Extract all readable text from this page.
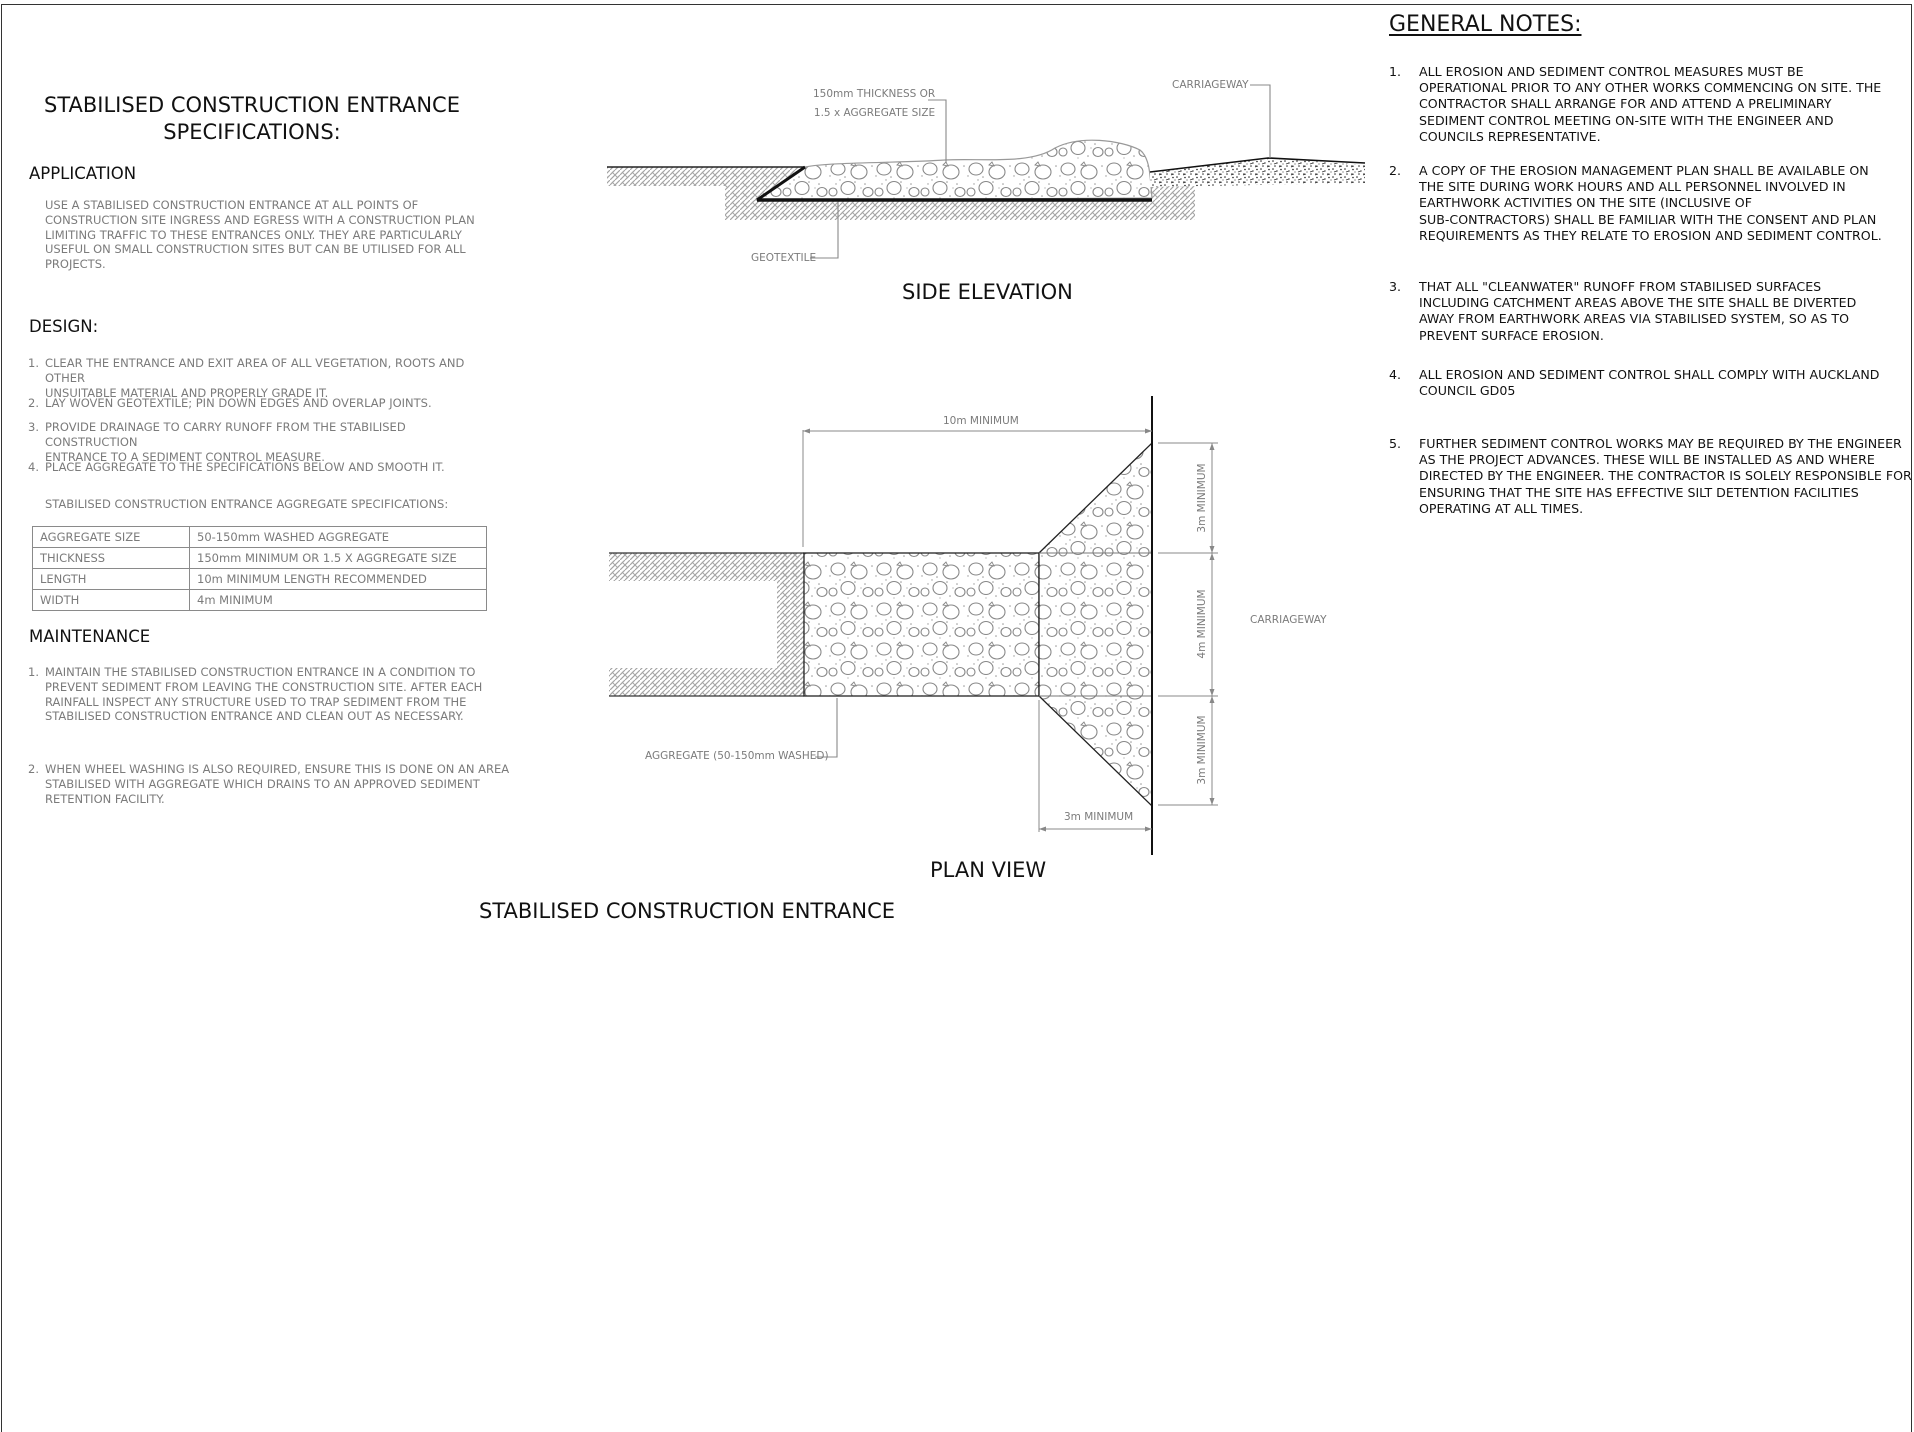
STABILISED CONSTRUCTION ENTRANCE
SPECIFICATIONS:
APPLICATION
USE A STABILISED CONSTRUCTION ENTRANCE AT ALL POINTS OF
CONSTRUCTION SITE INGRESS AND EGRESS WITH A CONSTRUCTION PLAN
LIMITING TRAFFIC TO THESE ENTRANCES ONLY. THEY ARE PARTICULARLY
USEFUL ON SMALL CONSTRUCTION SITES BUT CAN BE UTILISED FOR ALL
PROJECTS.
DESIGN:
1. CLEAR THE ENTRANCE AND EXIT AREA OF ALL VEGETATION, ROOTS AND OTHER
UNSUITABLE MATERIAL AND PROPERLY GRADE IT.
2. LAY WOVEN GEOTEXTILE; PIN DOWN EDGES AND OVERLAP JOINTS.
3. PROVIDE DRAINAGE TO CARRY RUNOFF FROM THE STABILISED CONSTRUCTION
ENTRANCE TO A SEDIMENT CONTROL MEASURE.
4. PLACE AGGREGATE TO THE SPECIFICATIONS BELOW AND SMOOTH IT.
STABILISED CONSTRUCTION ENTRANCE AGGREGATE SPECIFICATIONS:
AGGREGATE SIZE	50-150mm WASHED AGGREGATE
THICKNESS	150mm MINIMUM OR 1.5 X AGGREGATE SIZE
LENGTH	10m MINIMUM LENGTH RECOMMENDED
WIDTH	4m MINIMUM
MAINTENANCE
1. MAINTAIN THE STABILISED CONSTRUCTION ENTRANCE IN A CONDITION TO
PREVENT SEDIMENT FROM LEAVING THE CONSTRUCTION SITE. AFTER EACH
RAINFALL INSPECT ANY STRUCTURE USED TO TRAP SEDIMENT FROM THE
STABILISED CONSTRUCTION ENTRANCE AND CLEAN OUT AS NECESSARY.
2. WHEN WHEEL WASHING IS ALSO REQUIRED, ENSURE THIS IS DONE ON AN AREA
STABILISED WITH AGGREGATE WHICH DRAINS TO AN APPROVED SEDIMENT
RETENTION FACILITY.
150mm THICKNESS OR
1.5 x AGGREGATE SIZE
GEOTEXTILE
CARRIAGEWAY
SIDE ELEVATION
10m MINIMUM
3m MINIMUM
4m MINIMUM
3m MINIMUM
3m MINIMUM
AGGREGATE (50-150mm WASHED)
CARRIAGEWAY
PLAN VIEW
STABILISED CONSTRUCTION ENTRANCE
GENERAL NOTES:
1. ALL EROSION AND SEDIMENT CONTROL MEASURES MUST BE
OPERATIONAL PRIOR TO ANY OTHER WORKS COMMENCING ON SITE. THE
CONTRACTOR SHALL ARRANGE FOR AND ATTEND A PRELIMINARY
SEDIMENT CONTROL MEETING ON-SITE WITH THE ENGINEER AND
COUNCILS REPRESENTATIVE.
2. A COPY OF THE EROSION MANAGEMENT PLAN SHALL BE AVAILABLE ON
THE SITE DURING WORK HOURS AND ALL PERSONNEL INVOLVED IN
EARTHWORK ACTIVITIES ON THE SITE (INCLUSIVE OF
SUB-CONTRACTORS) SHALL BE FAMILIAR WITH THE CONSENT AND PLAN
REQUIREMENTS AS THEY RELATE TO EROSION AND SEDIMENT CONTROL.
3. THAT ALL "CLEANWATER" RUNOFF FROM STABILISED SURFACES
INCLUDING CATCHMENT AREAS ABOVE THE SITE SHALL BE DIVERTED
AWAY FROM EARTHWORK AREAS VIA STABILISED SYSTEM, SO AS TO
PREVENT SURFACE EROSION.
4. ALL EROSION AND SEDIMENT CONTROL SHALL COMPLY WITH AUCKLAND
COUNCIL GD05
5. FURTHER SEDIMENT CONTROL WORKS MAY BE REQUIRED BY THE ENGINEER
AS THE PROJECT ADVANCES. THESE WILL BE INSTALLED AS AND WHERE
DIRECTED BY THE ENGINEER. THE CONTRACTOR IS SOLELY RESPONSIBLE FOR
ENSURING THAT THE SITE HAS EFFECTIVE SILT DETENTION FACILITIES
OPERATING AT ALL TIMES.
